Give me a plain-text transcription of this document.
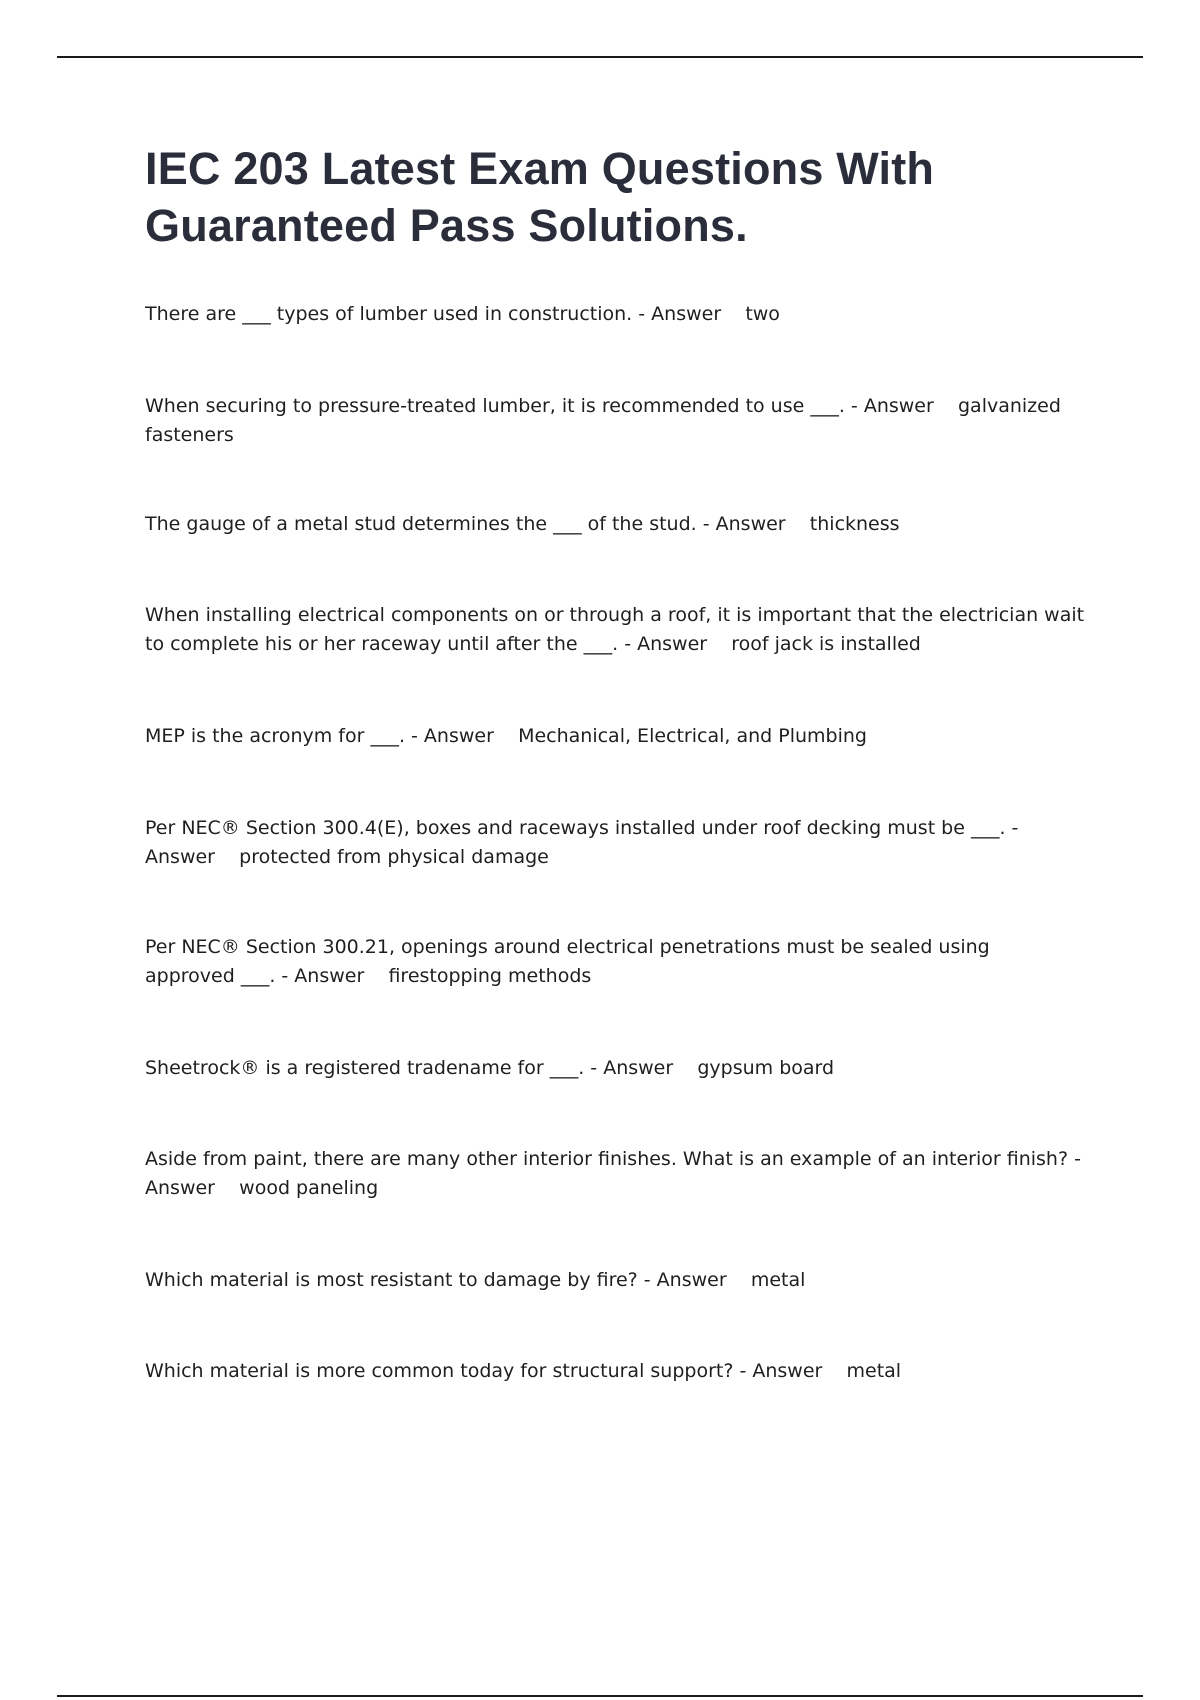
IEC 203 Latest Exam Questions With Guaranteed Pass Solutions.
There are ___ types of lumber used in construction. - Answer two
When securing to pressure-treated lumber, it is recommended to use ___. - Answer galvanized fasteners
The gauge of a metal stud determines the ___ of the stud. - Answer thickness
When installing electrical components on or through a roof, it is important that the electrician wait to complete his or her raceway until after the ___. - Answer roof jack is installed
MEP is the acronym for ___. - Answer Mechanical, Electrical, and Plumbing
Per NEC® Section 300.4(E), boxes and raceways installed under roof decking must be ___. - Answer protected from physical damage
Per NEC® Section 300.21, openings around electrical penetrations must be sealed using approved ___. - Answer firestopping methods
Sheetrock® is a registered tradename for ___. - Answer gypsum board
Aside from paint, there are many other interior finishes. What is an example of an interior finish? - Answer wood paneling
Which material is most resistant to damage by fire? - Answer metal
Which material is more common today for structural support? - Answer metal
